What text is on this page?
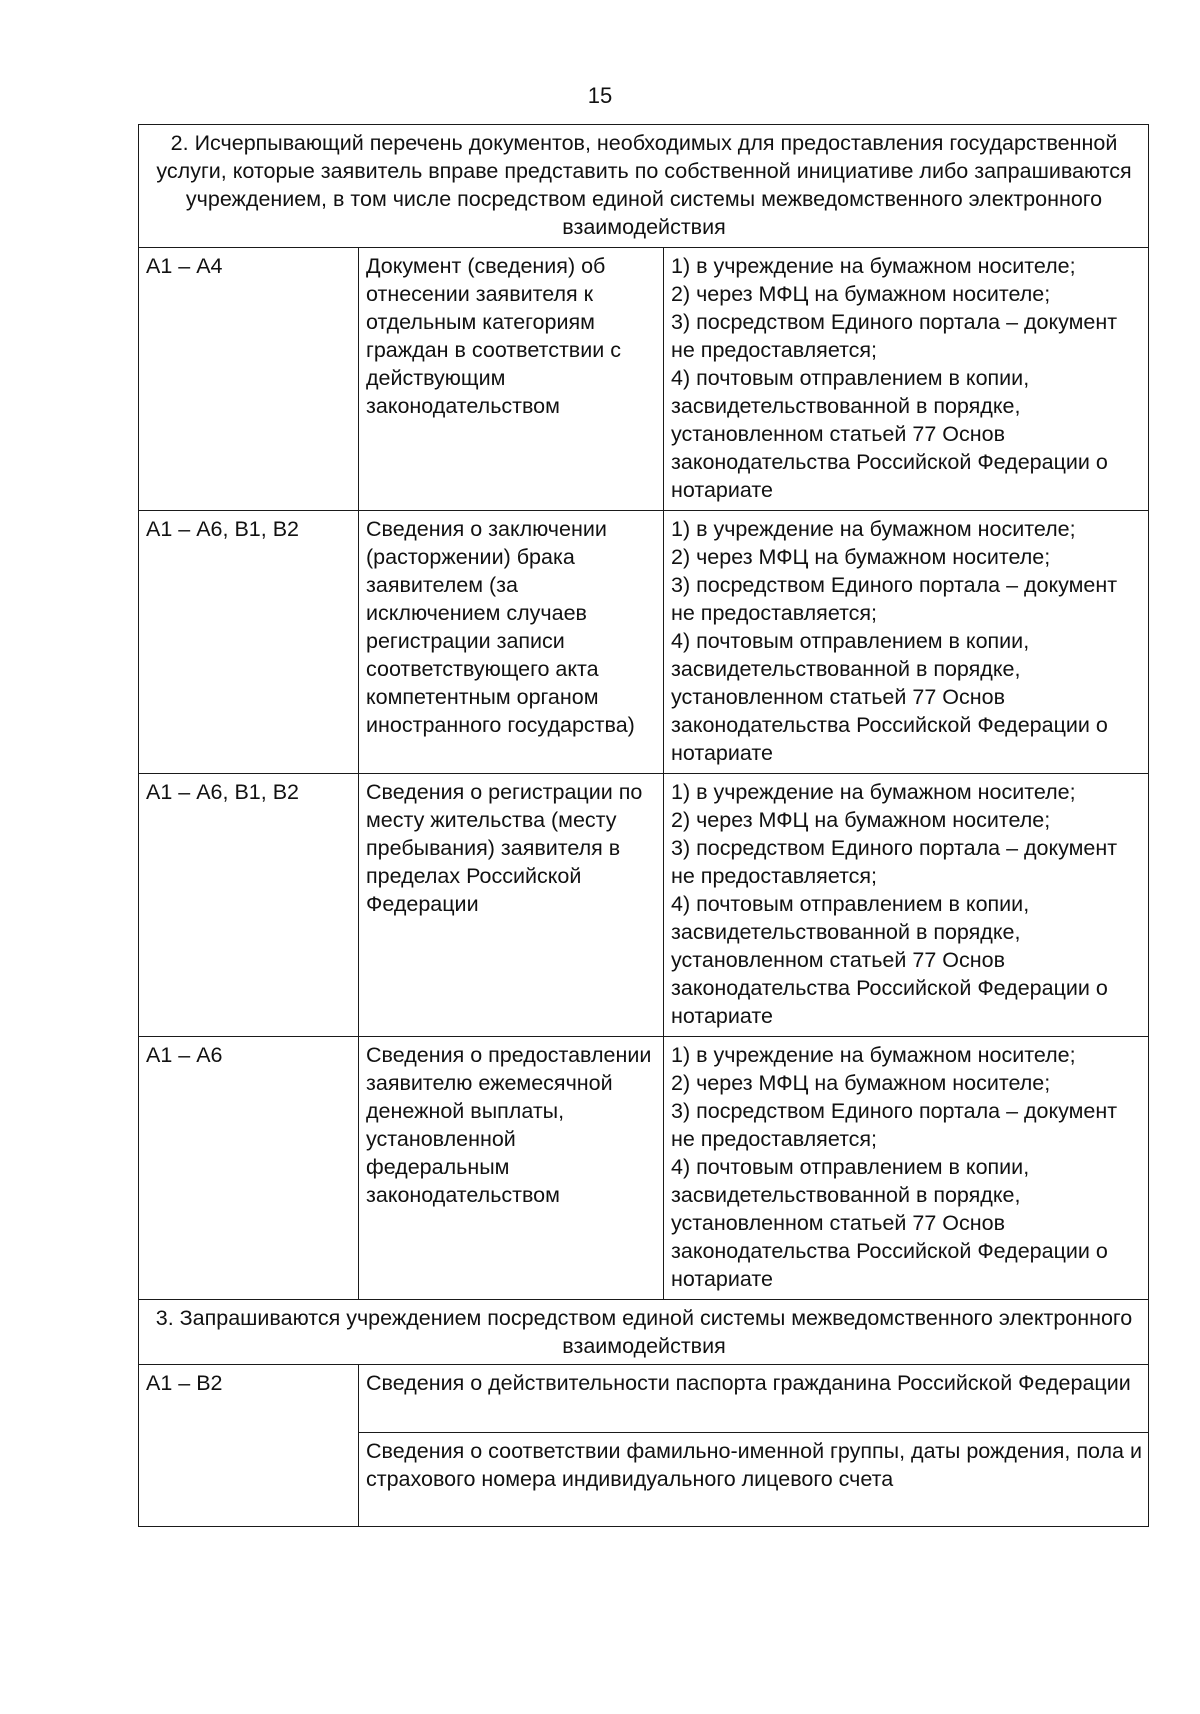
15
2. Исчерпывающий перечень документов, необходимых для предоставления государственной услуги, которые заявитель вправе представить по собственной инициативе либо запрашиваются учреждением, в том числе посредством единой системы межведомственного электронного взаимодействия		
А1 – А4	Документ (сведения) об отнесении заявителя к отдельным категориям граждан в соответствии с действующим законодательством	1) в учреждение на бумажном носителе;
2) через МФЦ на бумажном носителе;
3) посредством Единого портала – документ не предоставляется;
4) почтовым отправлением в копии, засвидетельствованной в порядке, установленном статьей 77 Основ законодательства Российской Федерации о нотариате

А1 – А6, В1, В2	Сведения о заключении (расторжении) брака заявителем (за исключением случаев регистрации записи соответствующего акта компетентным органом иностранного государства)	1) в учреждение на бумажном носителе;
2) через МФЦ на бумажном носителе;
3) посредством Единого портала – документ не предоставляется;
4) почтовым отправлением в копии, засвидетельствованной в порядке, установленном статьей 77 Основ законодательства Российской Федерации о нотариате

А1 – А6, В1, В2	Сведения о регистрации по месту жительства (месту пребывания) заявителя в пределах Российской Федерации	1) в учреждение на бумажном носителе;
2) через МФЦ на бумажном носителе;
3) посредством Единого портала – документ не предоставляется;
4) почтовым отправлением в копии, засвидетельствованной в порядке, установленном статьей 77 Основ законодательства Российской Федерации о нотариате

А1 – А6	Сведения о предоставлении заявителю ежемесячной денежной выплаты, установленной федеральным законодательством	1) в учреждение на бумажном носителе;
2) через МФЦ на бумажном носителе;
3) посредством Единого портала – документ не предоставляется;
4) почтовым отправлением в копии, засвидетельствованной в порядке, установленном статьей 77 Основ законодательства Российской Федерации о нотариате

3. Запрашиваются учреждением посредством единой системы межведомственного электронного взаимодействия		
А1 – В2	Сведения о действительности паспорта гражданина Российской Федерации	
	Сведения о соответствии фамильно-именной группы, даты рождения, пола и страхового номера индивидуального лицевого счета	
